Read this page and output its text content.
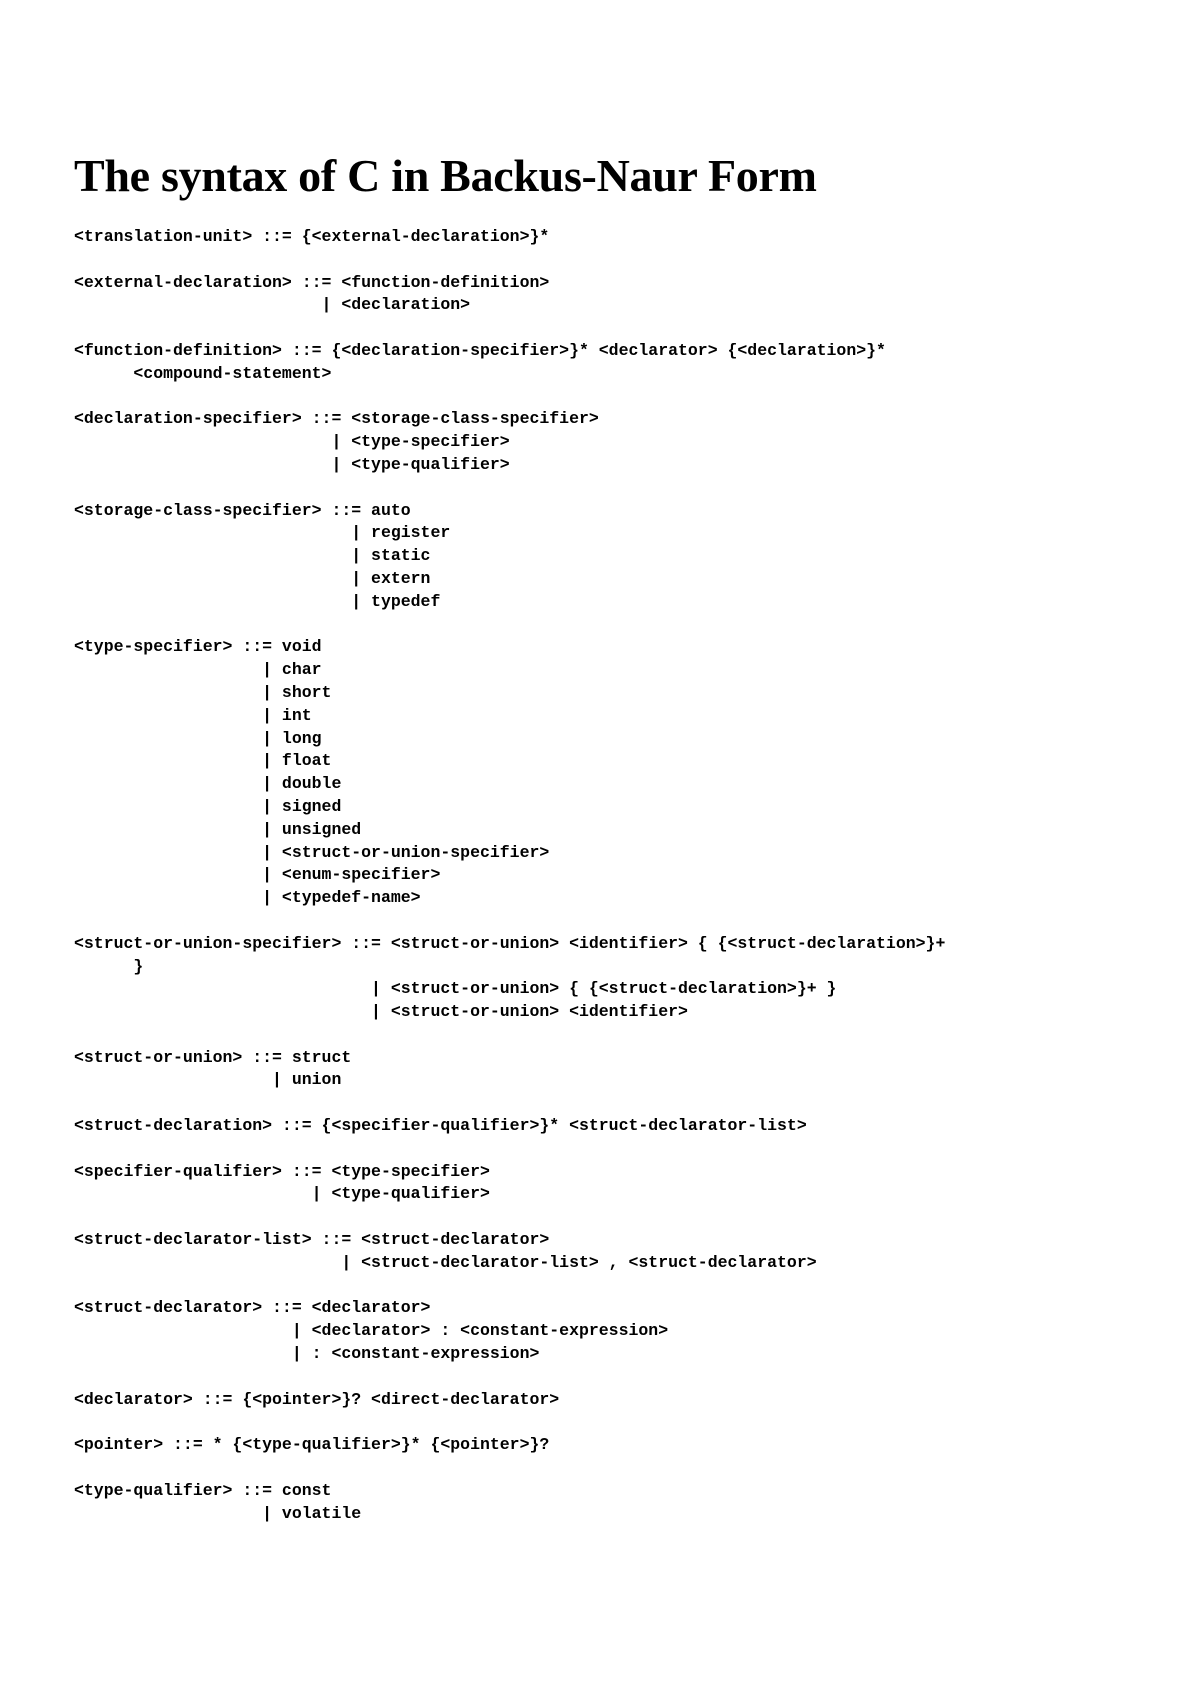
The syntax of C in Backus-Naur Form
<translation-unit> ::= {<external-declaration>}*
<external-declaration> ::= <function-definition>
| <declaration>
<function-definition> ::= {<declaration-specifier>}* <declarator> {<declaration>}*
<compound-statement>
<declaration-specifier> ::= <storage-class-specifier>
| <type-specifier>
| <type-qualifier>
<storage-class-specifier> ::= auto
| register
| static
| extern
| typedef
<type-specifier> ::= void
| char
| short
| int
| long
| float
| double
| signed
| unsigned
| <struct-or-union-specifier>
| <enum-specifier>
| <typedef-name>
<struct-or-union-specifier> ::= <struct-or-union> <identifier> { {<struct-declaration>}+
}
| <struct-or-union> { {<struct-declaration>}+ }
| <struct-or-union> <identifier>
<struct-or-union> ::= struct
| union
<struct-declaration> ::= {<specifier-qualifier>}* <struct-declarator-list>
<specifier-qualifier> ::= <type-specifier>
| <type-qualifier>
<struct-declarator-list> ::= <struct-declarator>
| <struct-declarator-list> , <struct-declarator>
<struct-declarator> ::= <declarator>
| <declarator> : <constant-expression>
| : <constant-expression>
<declarator> ::= {<pointer>}? <direct-declarator>
<pointer> ::= * {<type-qualifier>}* {<pointer>}?
<type-qualifier> ::= const
| volatile
